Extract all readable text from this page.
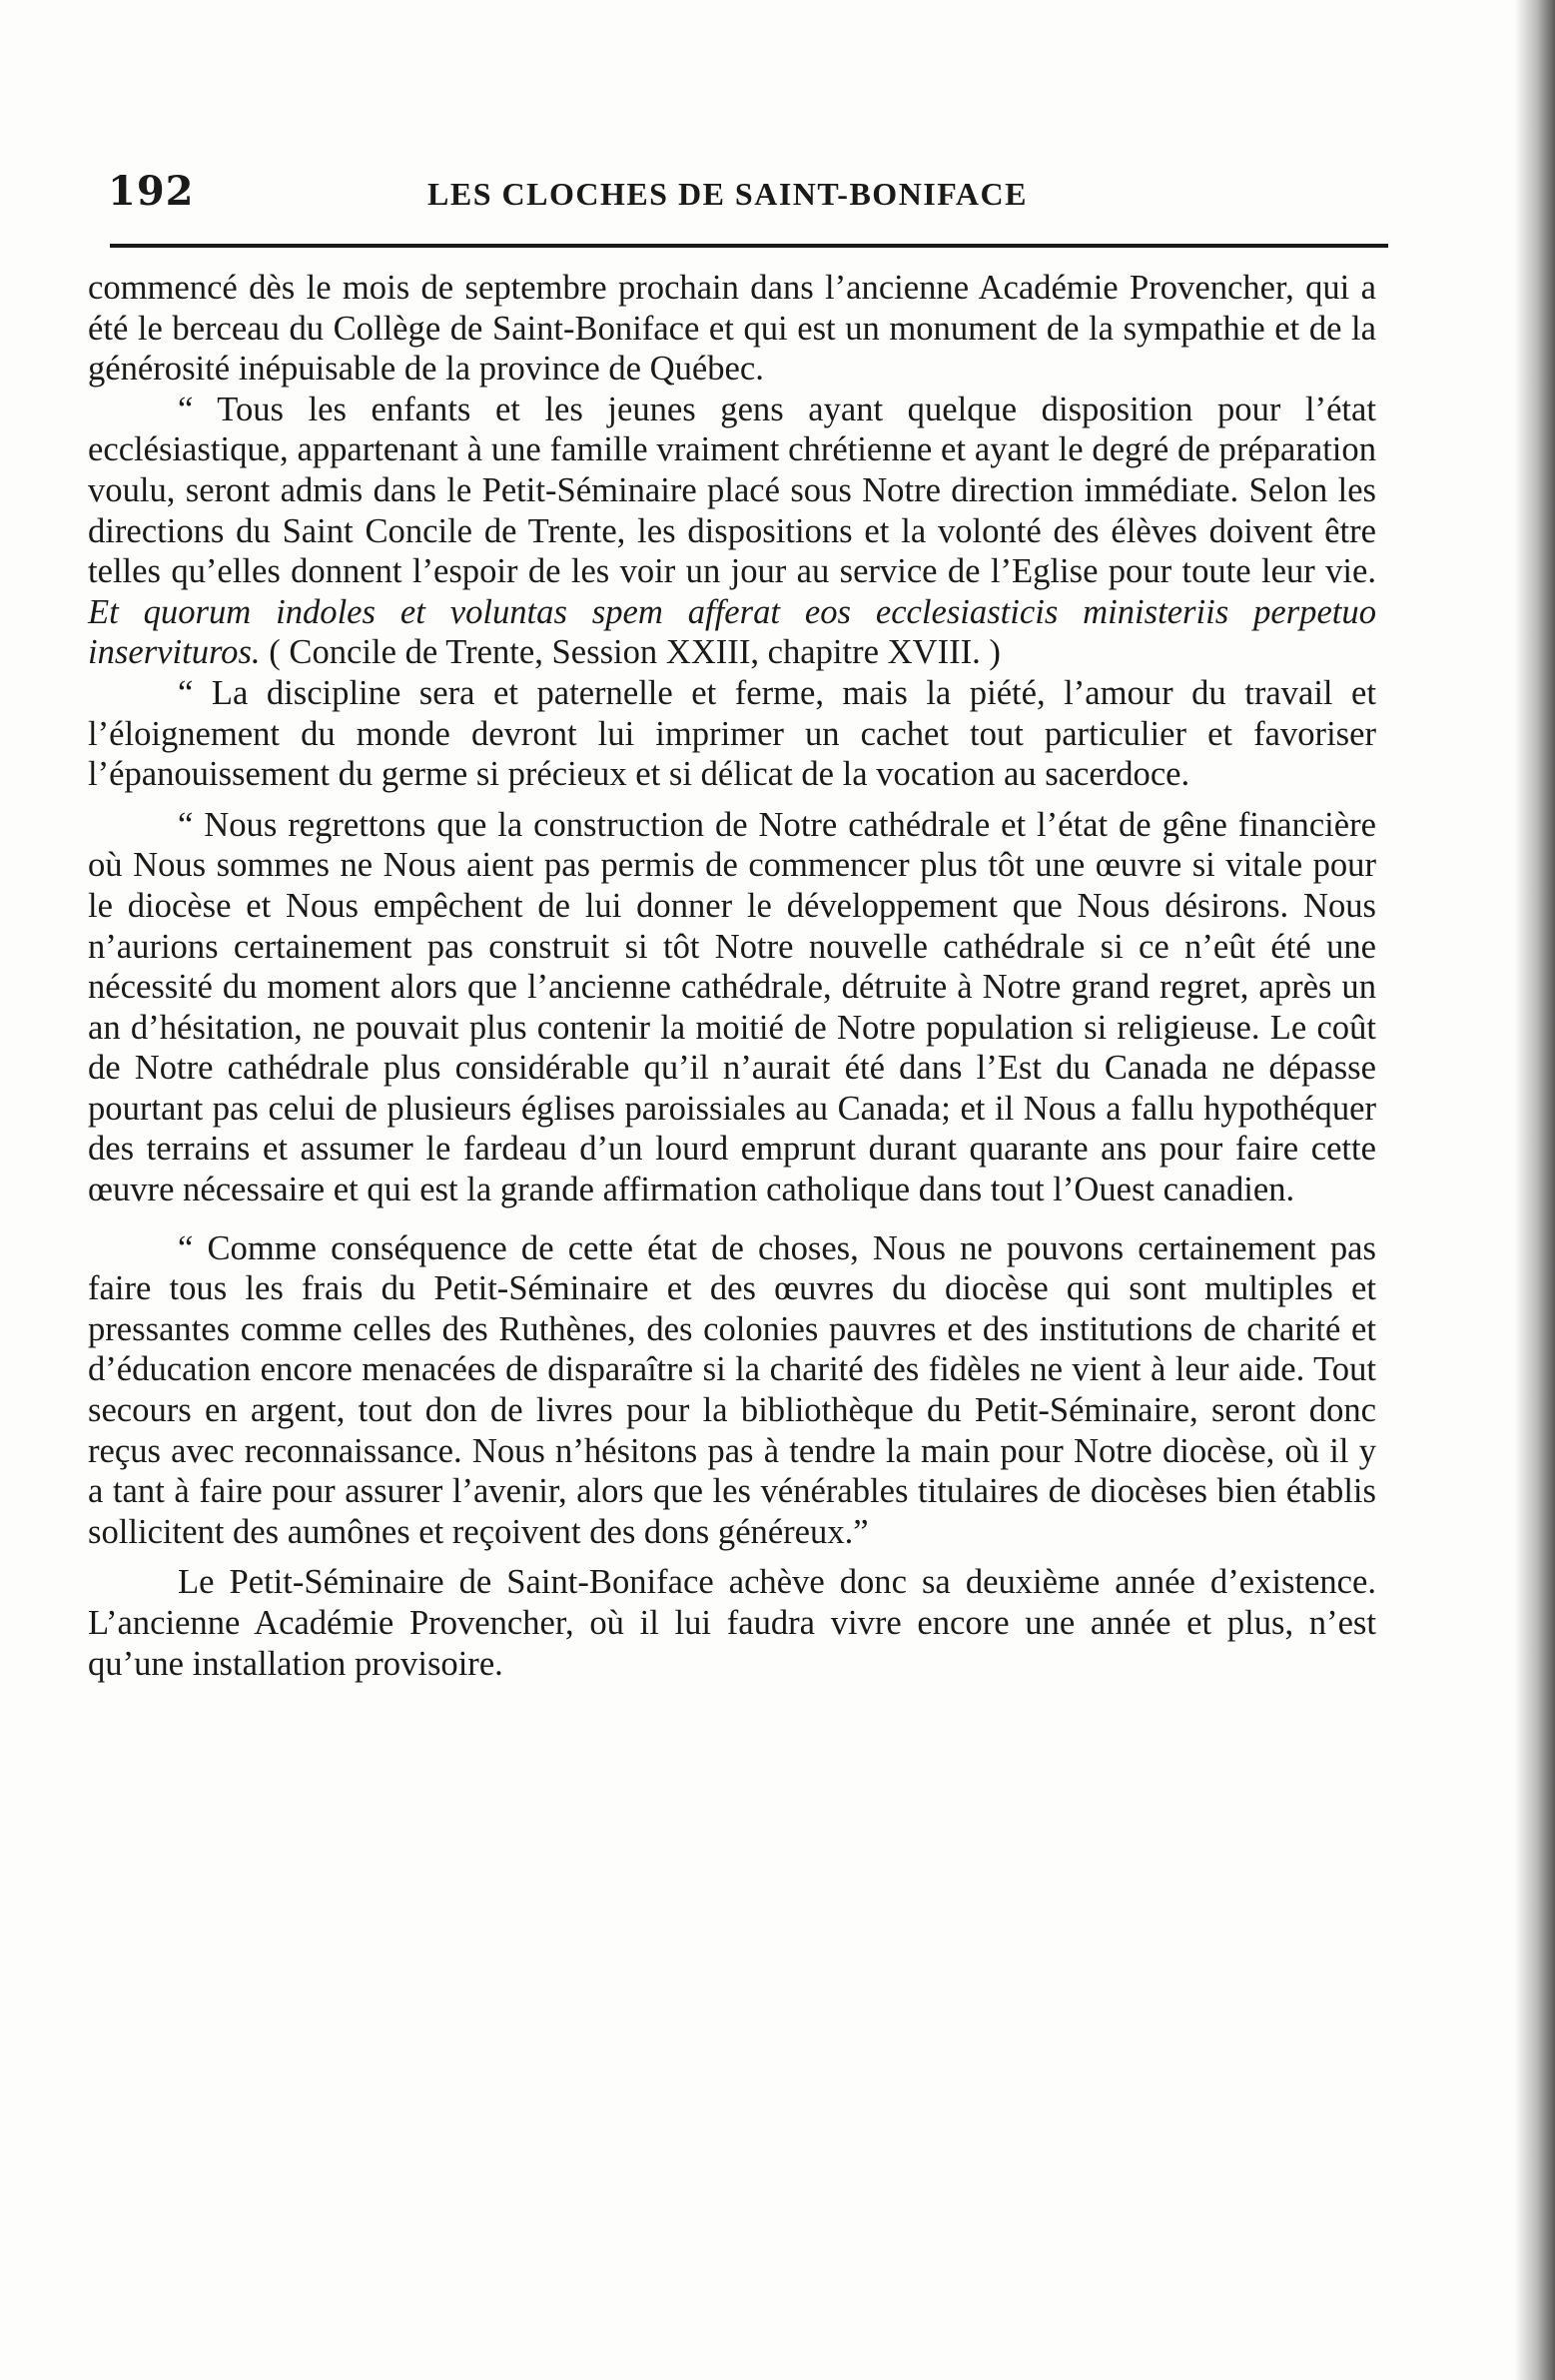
192	LES CLOCHES DE SAINT-BONIFACE

commencé dès le mois de septembre prochain dans l’ancienne Académie Provencher, qui a été le berceau du Collège de Saint-Boniface et qui est un monument de la sympathie et de la générosité inépuisable de la province de Québec.

“ Tous les enfants et les jeunes gens ayant quelque disposition pour l’état ecclésiastique, appartenant à une famille vraiment chrétienne et ayant le degré de préparation voulu, seront admis dans le Petit-Séminaire placé sous Notre direction immédiate. Selon les directions du Saint Concile de Trente, les dispositions et la volonté des élèves doivent être telles qu’elles donnent l’espoir de les voir un jour au service de l’Eglise pour toute leur vie. Et quorum indoles et voluntas spem afferat eos ecclesiasticis ministeriis perpetuo inservituros. ( Concile de Trente, Session XXIII, chapitre XVIII. )

“ La discipline sera et paternelle et ferme, mais la piété, l’amour du travail et l’éloignement du monde devront lui imprimer un cachet tout particulier et favoriser l’épanouissement du germe si précieux et si délicat de la vocation au sacerdoce.

“ Nous regrettons que la construction de Notre cathédrale et l’état de gêne financière où Nous sommes ne Nous aient pas permis de commencer plus tôt une œuvre si vitale pour le diocèse et Nous empêchent de lui donner le développement que Nous désirons. Nous n’aurions certainement pas construit si tôt Notre nouvelle cathédrale si ce n’eût été une nécessité du moment alors que l’ancienne cathédrale, détruite à Notre grand regret, après un an d’hésitation, ne pouvait plus contenir la moitié de Notre population si religieuse. Le coût de Notre cathédrale plus considérable qu’il n’aurait été dans l’Est du Canada ne dépasse pourtant pas celui de plusieurs églises paroissiales au Canada; et il Nous a fallu hypothéquer des terrains et assumer le fardeau d’un lourd emprunt durant quarante ans pour faire cette œuvre nécessaire et qui est la grande affirmation catholique dans tout l’Ouest canadien.

“ Comme conséquence de cette état de choses, Nous ne pouvons certainement pas faire tous les frais du Petit-Séminaire et des œuvres du diocèse qui sont multiples et pressantes comme celles des Ruthènes, des colonies pauvres et des institutions de charité et d’éducation encore menacées de disparaître si la charité des fidèles ne vient à leur aide. Tout secours en argent, tout don de livres pour la bibliothèque du Petit-Séminaire, seront donc reçus avec reconnaissance. Nous n’hésitons pas à tendre la main pour Notre diocèse, où il y a tant à faire pour assurer l’avenir, alors que les vénérables titulaires de diocèses bien établis sollicitent des aumônes et reçoivent des dons généreux.”

Le Petit-Séminaire de Saint-Boniface achève donc sa deuxième année d’existence. L’ancienne Académie Provencher, où il lui faudra vivre encore une année et plus, n’est qu’une installation provisoire.
